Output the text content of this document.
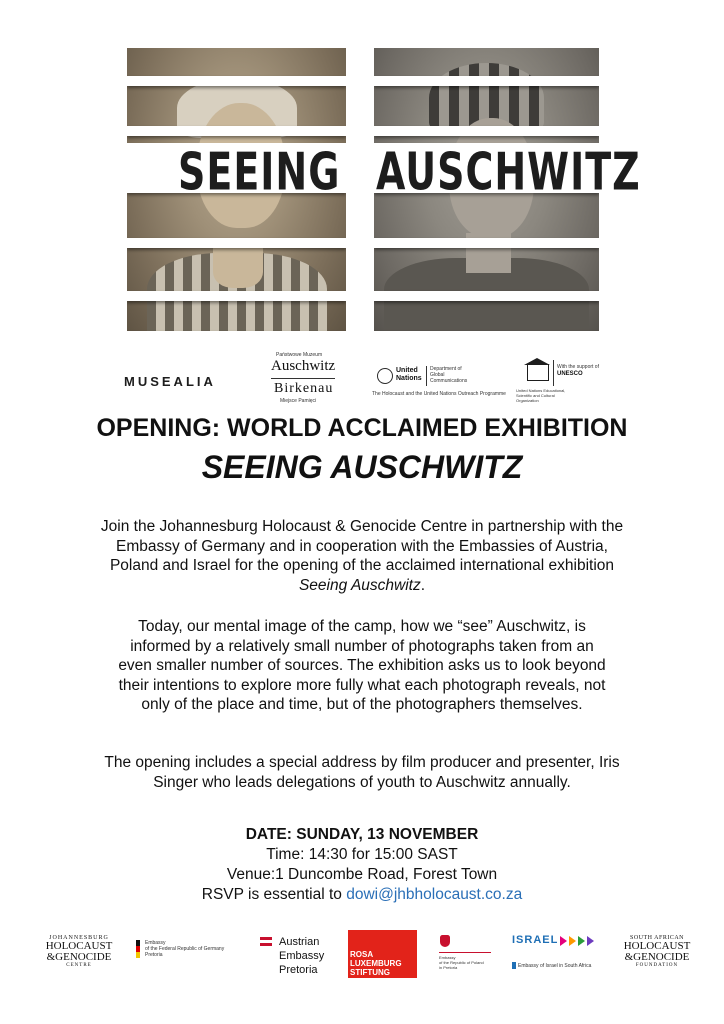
SEEING AUSCHWITZ
MUSEALIA
Państwowe Muzeum
Auschwitz
Birkenau
Miejsce Pamięci
United
Nations
Department of Global Communications
The Holocaust and the United Nations Outreach Programme
With the support of
UNESCO
United Nations Educational, Scientific and Cultural Organization
OPENING: WORLD ACCLAIMED EXHIBITION
SEEING AUSCHWITZ

Join the Johannesburg Holocaust & Genocide Centre in partnership with the Embassy of Germany and in cooperation with the Embassies of Austria, Poland and Israel for the opening of the acclaimed international exhibition Seeing Auschwitz.

Today, our mental image of the camp, how we “see” Auschwitz, is informed by a relatively small number of photographs taken from an even smaller number of sources. The exhibition asks us to look beyond their intentions to explore more fully what each photograph reveals, not only of the place and time, but of the photographers themselves.

The opening includes a special address by film producer and presenter, Iris Singer who leads delegations of youth to Auschwitz annually.

DATE: SUNDAY, 13 NOVEMBER
Time: 14:30 for 15:00 SAST
Venue:1 Duncombe Road, Forest Town
RSVP is essential to dowi@jhbholocaust.co.za
JOHANNESBURG
HOLOCAUST
&GENOCIDE
CENTRE
Embassy
of the Federal Republic of Germany
Pretoria
Austrian
Embassy
Pretoria
ROSA
LUXEMBURG
STIFTUNG
Embassy
of the Republic of Poland
in Pretoria
ISRAEL
Embassy of Israel in South Africa
SOUTH AFRICAN
HOLOCAUST
&GENOCIDE
FOUNDATION
